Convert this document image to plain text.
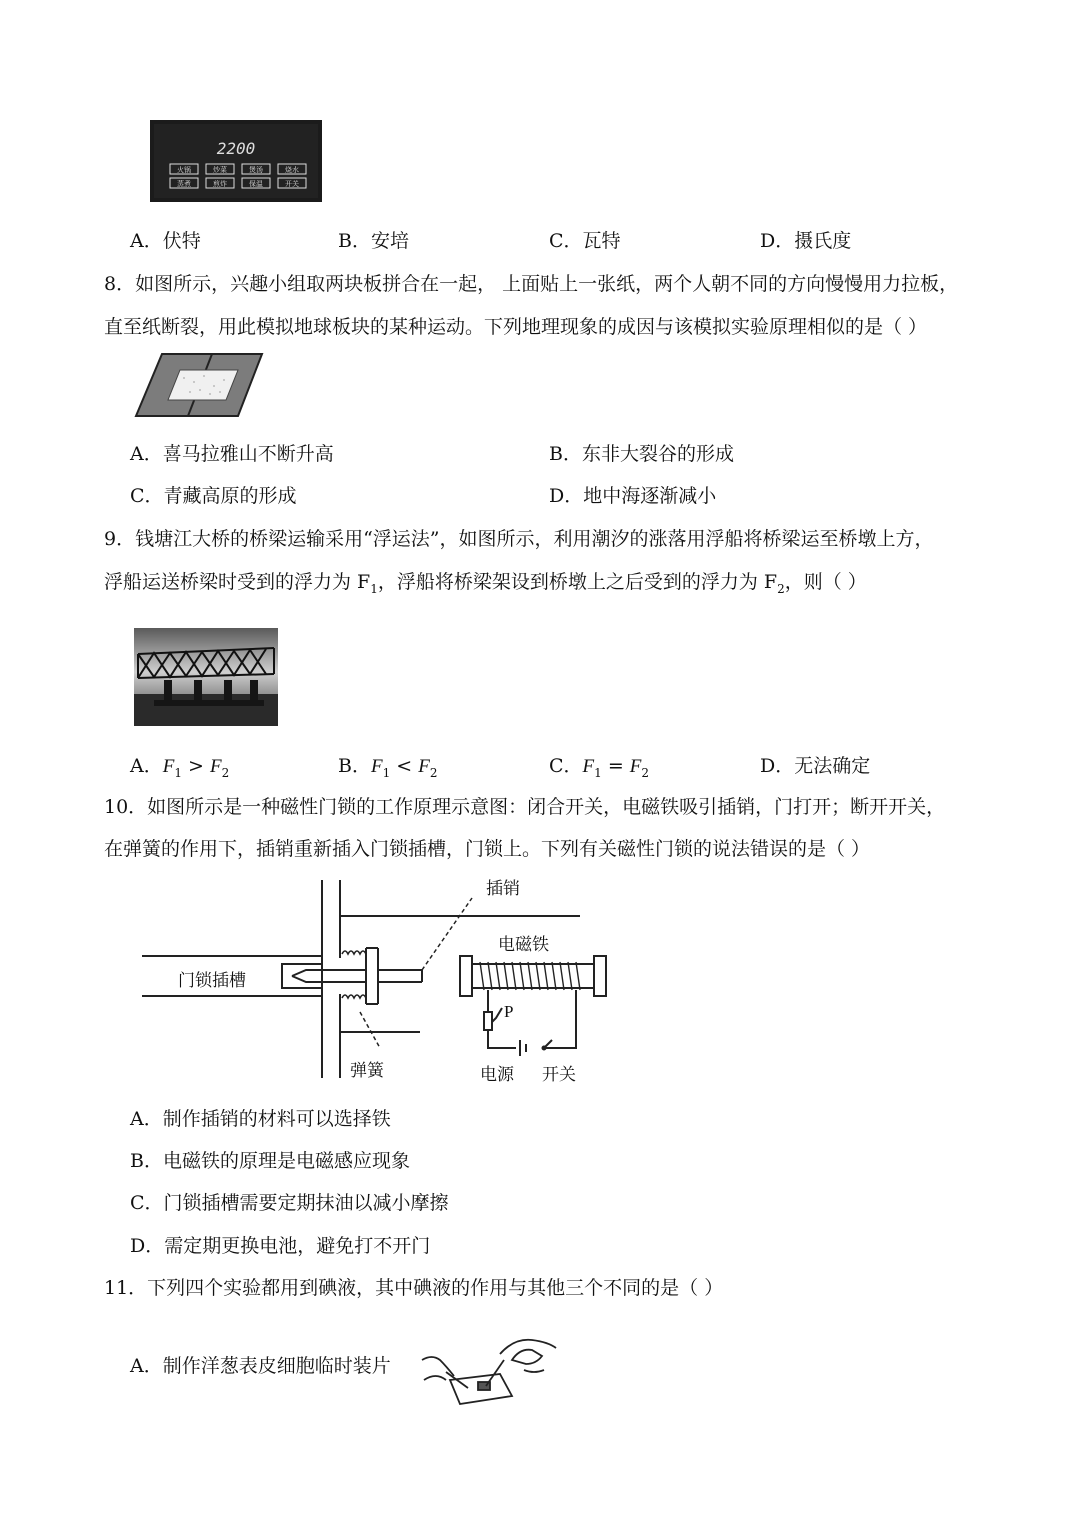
2200
火锅	炒菜	煲汤	烧水
蒸煮	煎炸	保温	开关
A．伏特	B．安培	C．瓦特	D．摄氏度
8．如图所示，兴趣小组取两块板拼合在一起， 上面贴上一张纸，两个人朝不同的方向慢慢用力拉板，
直至纸断裂，用此模拟地球板块的某种运动。下列地理现象的成因与该模拟实验原理相似的是（ ）
A．喜马拉雅山不断升高	B．东非大裂谷的形成
C．青藏高原的形成	D．地中海逐渐减小
9．钱塘江大桥的桥梁运输采用“浮运法”，如图所示，利用潮汐的涨落用浮船将桥梁运至桥墩上方，
浮船运送桥梁时受到的浮力为 $F_1$，浮船将桥梁架设到桥墩上之后受到的浮力为 $F_2$，则（ ）
A．$F_1 > F_2$	B．$F_1 < F_2$	C．$F_1 = F_2$	D．无法确定
10．如图所示是一种磁性门锁的工作原理示意图：闭合开关，电磁铁吸引插销，门打开；断开开关，
在弹簧的作用下，插销重新插入门锁插槽，门锁上。下列有关磁性门锁的说法错误的是（ ）
插销
电磁铁
门锁插槽
P
弹簧	电源 开关
A．制作插销的材料可以选择铁
B．电磁铁的原理是电磁感应现象
C．门锁插槽需要定期抹油以减小摩擦
D．需定期更换电池，避免打不开门
11．下列四个实验都用到碘液，其中碘液的作用与其他三个不同的是（ ）
A．制作洋葱表皮细胞临时装片
